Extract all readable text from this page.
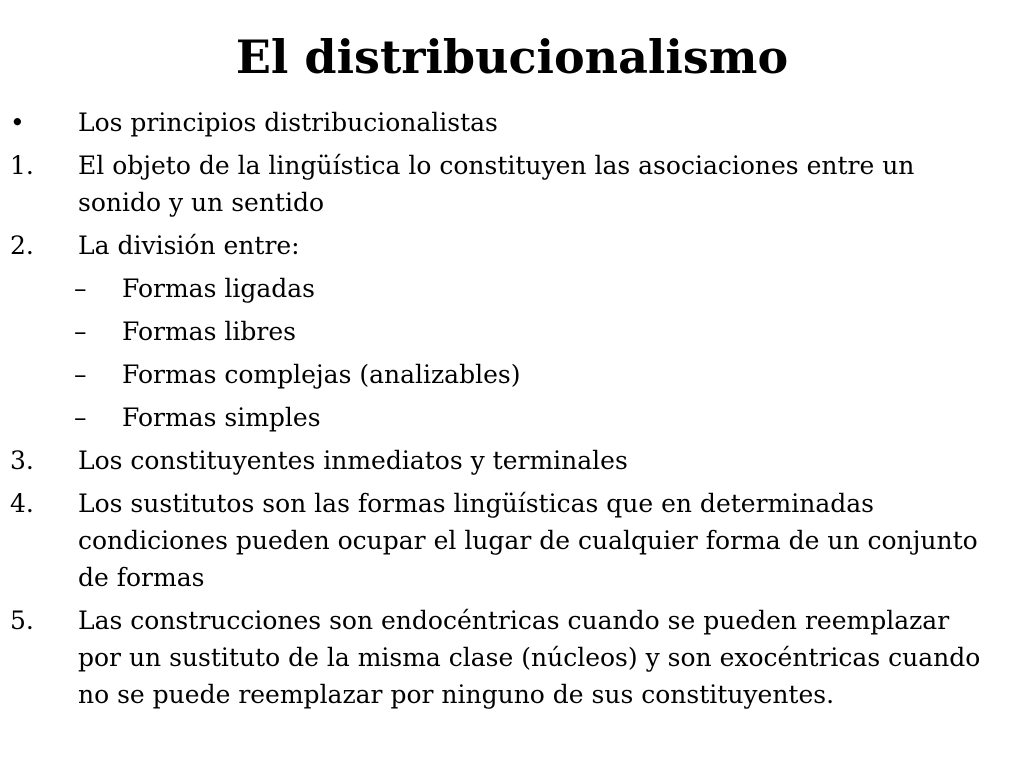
El distribucionalismo
• Los principios distribucionalistas
1. El objeto de la lingüística lo constituyen las asociaciones entre un sonido y un sentido
2. La división entre:
– Formas ligadas
– Formas libres
– Formas complejas (analizables)
– Formas simples
3. Los constituyentes inmediatos y terminales
4. Los sustitutos son las formas lingüísticas que en determinadas condiciones pueden ocupar el lugar de cualquier forma de un conjunto de formas
5. Las construcciones son endocéntricas cuando se pueden reemplazar por un sustituto de la misma clase (núcleos) y son exocéntricas cuando no se puede reemplazar por ninguno de sus constituyentes.
